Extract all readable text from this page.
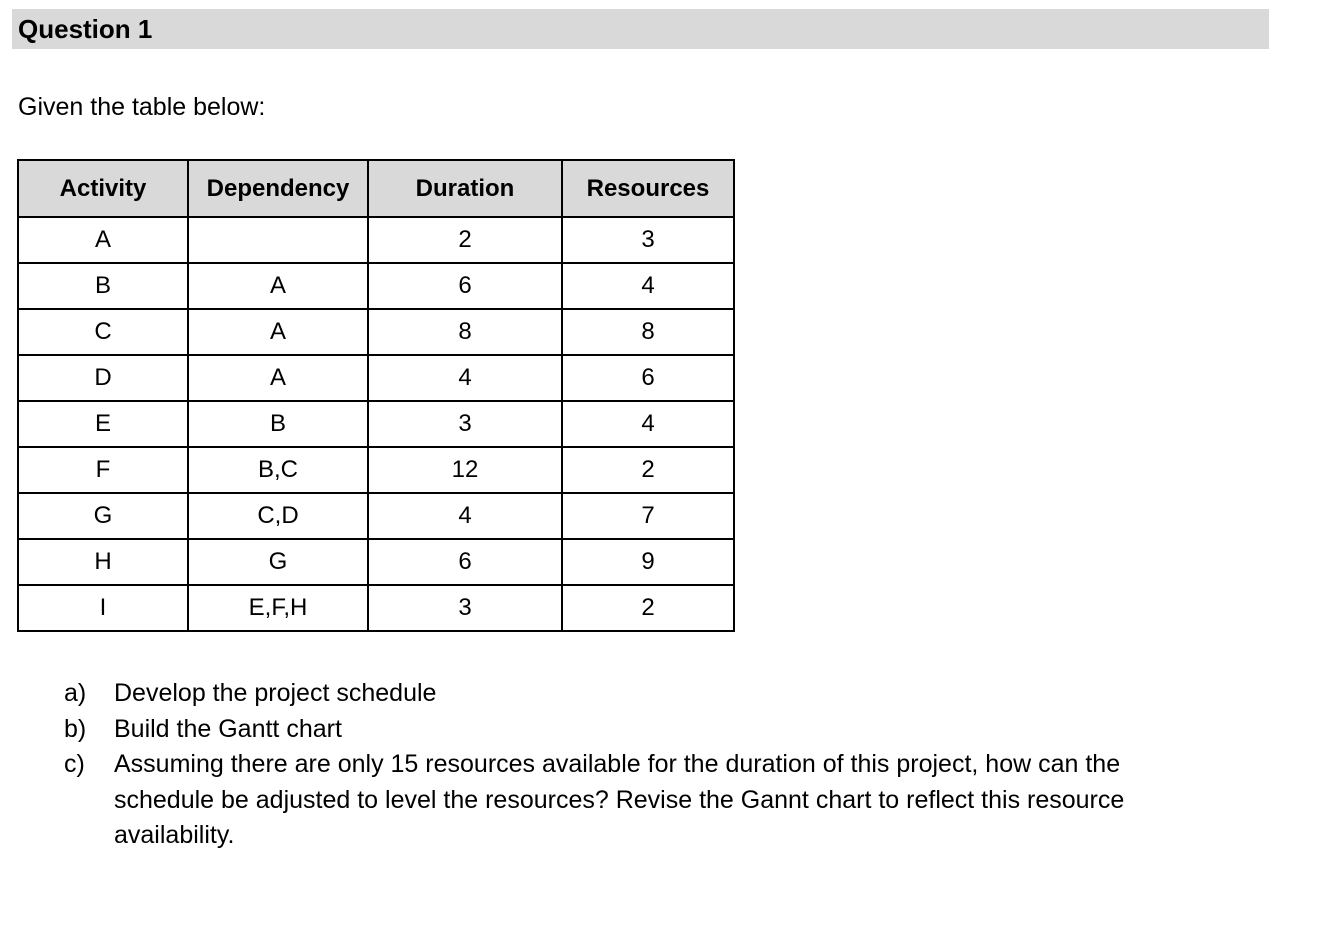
Question 1
Given the table below:
Activity	Dependency	Duration	Resources
A		2	3
B	A	6	4
C	A	8	8
D	A	4	6
E	B	3	4
F	B,C	12	2
G	C,D	4	7
H	G	6	9
I	E,F,H	3	2
a)	Develop the project schedule
b)	Build the Gantt chart
c)	Assuming there are only 15 resources available for the duration of this project, how can the schedule be adjusted to level the resources? Revise the Gannt chart to reflect this resource availability.
